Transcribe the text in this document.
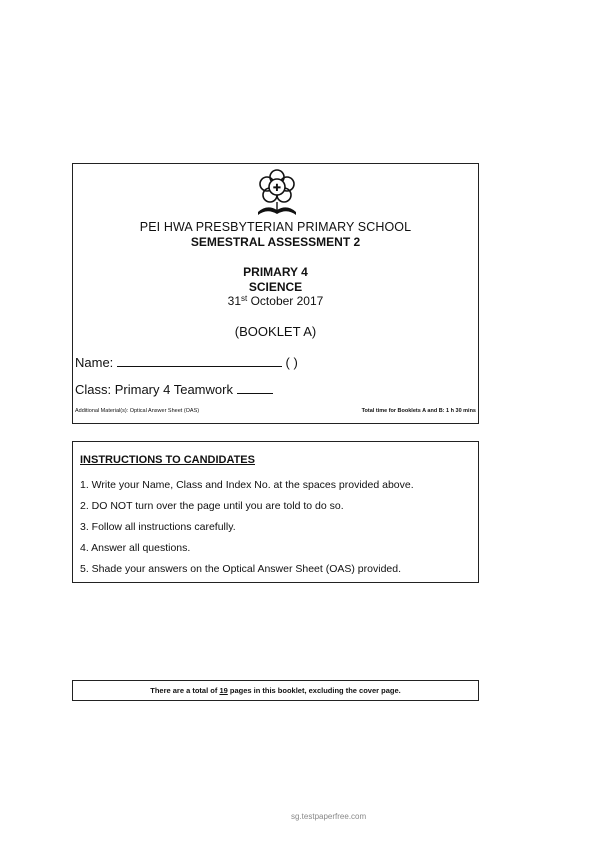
✚
PEI HWA PRESBYTERIAN PRIMARY SCHOOL
SEMESTRAL ASSESSMENT 2
PRIMARY 4
SCIENCE
31st October 2017
(BOOKLET A)
Name:	( )
Class: Primary 4 Teamwork
Additional Material(s): Optical Answer Sheet (OAS)	Total time for Booklets A and B: 1 h 30 mins
INSTRUCTIONS TO CANDIDATES
1. Write your Name, Class and Index No. at the spaces provided above.
2. DO NOT turn over the page until you are told to do so.
3. Follow all instructions carefully.
4. Answer all questions.
5. Shade your answers on the Optical Answer Sheet (OAS) provided.
There are a total of 19 pages in this booklet, excluding the cover page.
sg.testpaperfree.com
